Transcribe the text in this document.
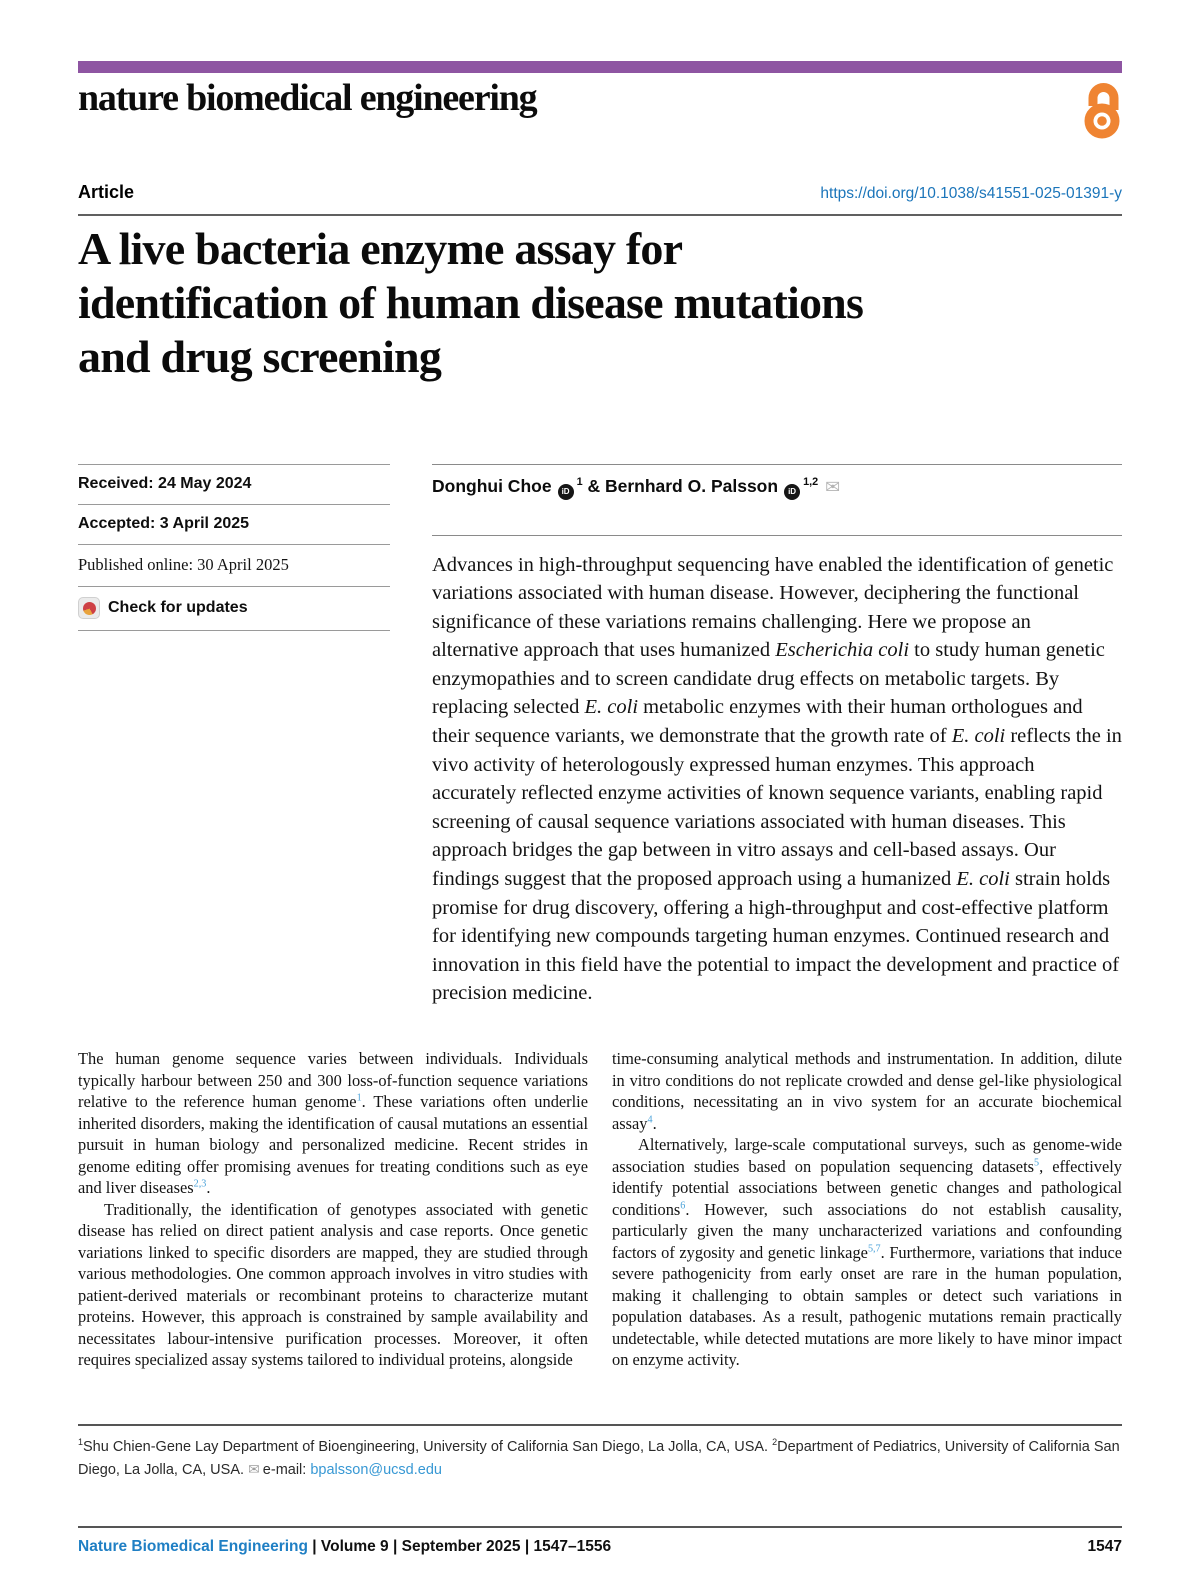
nature biomedical engineering
Article	https://doi.org/10.1038/s41551-025-01391-y
A live bacteria enzyme assay for identification of human disease mutations and drug screening
Received: 24 May 2024
Accepted: 3 April 2025
Published online: 30 April 2025
Check for updates
Donghui Choe $iD^1$ & Bernhard O. Palsson iD$^{1,2}$ ✉
Advances in high-throughput sequencing have enabled the identification of genetic variations associated with human disease. However, deciphering the functional significance of these variations remains challenging. Here we propose an alternative approach that uses humanized Escherichia coli to study human genetic enzymopathies and to screen candidate drug effects on metabolic targets. By replacing selected E. coli metabolic enzymes with their human orthologues and their sequence variants, we demonstrate that the growth rate of E. coli reflects the in vivo activity of heterologously expressed human enzymes. This approach accurately reflected enzyme activities of known sequence variants, enabling rapid screening of causal sequence variations associated with human diseases. This approach bridges the gap between in vitro assays and cell-based assays. Our findings suggest that the proposed approach using a humanized E. coli strain holds promise for drug discovery, offering a high-throughput and cost-effective platform for identifying new compounds targeting human enzymes. Continued research and innovation in this field have the potential to impact the development and practice of precision medicine.

The human genome sequence varies between individuals. Individuals typically harbour between 250 and 300 loss-of-function sequence variations relative to the reference human genome$^1$. These variations often underlie inherited disorders, making the identification of causal mutations an essential pursuit in human biology and personalized medicine. Recent strides in genome editing offer promising avenues for treating conditions such as eye and liver diseases$^{2,3}$.

Traditionally, the identification of genotypes associated with genetic disease has relied on direct patient analysis and case reports. Once genetic variations linked to specific disorders are mapped, they are studied through various methodologies. One common approach involves in vitro studies with patient-derived materials or recombinant proteins to characterize mutant proteins. However, this approach is constrained by sample availability and necessitates labour-intensive purification processes. Moreover, it often requires specialized assay systems tailored to individual proteins, alongside

time-consuming analytical methods and instrumentation. In addition, dilute in vitro conditions do not replicate crowded and dense gel-like physiological conditions, necessitating an in vivo system for an accurate biochemical assay$^4$.

Alternatively, large-scale computational surveys, such as genome-wide association studies based on population sequencing datasets$^5$, effectively identify potential associations between genetic changes and pathological conditions$^6$. However, such associations do not establish causality, particularly given the many uncharacterized variations and confounding factors of zygosity and genetic linkage$^{5,7}$. Furthermore, variations that induce severe pathogenicity from early onset are rare in the human population, making it challenging to obtain samples or detect such variations in population databases. As a result, pathogenic mutations remain practically undetectable, while detected mutations are more likely to have minor impact on enzyme activity.

$^1$Shu Chien-Gene Lay Department of Bioengineering, University of California San Diego, La Jolla, CA, USA. $^2$Department of Pediatrics, University of California San Diego, La Jolla, CA, USA. ✉ e-mail: bpalsson@ucsd.edu
Nature Biomedical Engineering | Volume 9 | September 2025 | 1547–1556	1547
